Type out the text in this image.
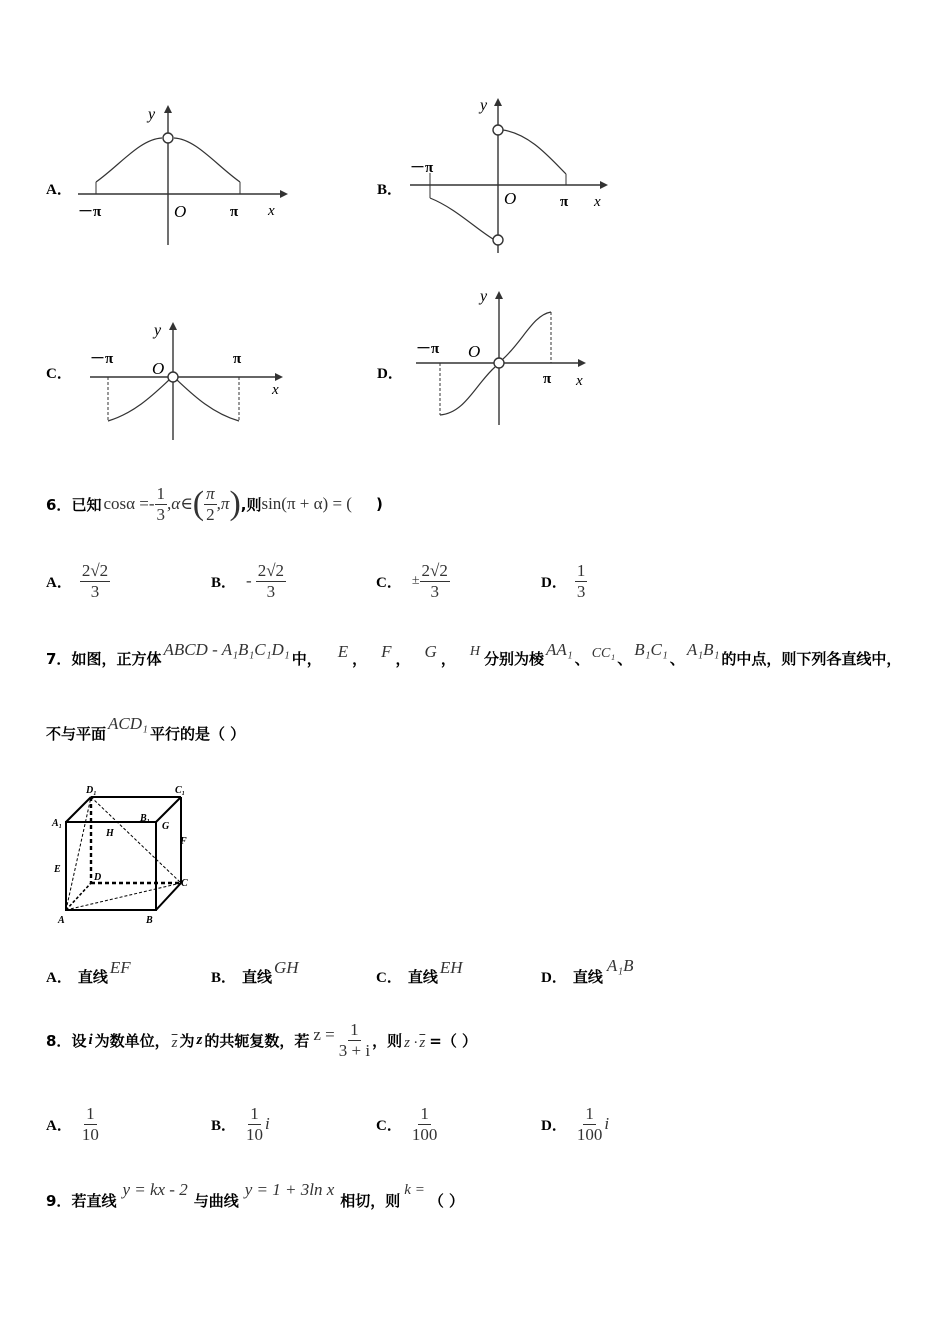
A．
y
x
O
－π	π
B．
y
x
O
－π
π
C．
y
x
O
－π	π
D．
y
x
O
－π
π
6． 已知 $\cos\alpha =- \frac{1}{3}$ ,α∈ ( $\frac{\pi}{2} ,\pi$ ) ,则 sin(π + α) = ( )
A． $\frac{2√2}{3}$	B． - $\frac{2√2}{3}$	C． ± $\frac{2√2}{3}$	D． $\frac{1}{3}$
7． 如图，正方体 ABCD - A₁B₁C₁D₁ 中， E ， F ， G ， H 分别为棱 AA₁ 、 CC₁ 、 B₁C₁ 、 A₁B₁ 的中点，则下列各直线中，
不与平面
ACD₁
平行的是（ ）
D₁	C₁
A₁	B₁
G
H
F
E
D
C
A	B
A． 直线 EF
B． 直线 GH
C． 直线 EH
D． 直线
A₁B
8． 设 i 为数单位， $\overline{z}$ 为 z 的共轭复数，若 $z = \frac{1}{3 + i}$ ，则 $z \cdot \overline{z}$ =（ ）
A． $\frac{1}{10}$	B． $\frac{1}{10}$ i	C． $\frac{1}{100}$	D． $\frac{1}{100}$ i
9． 若直线
y = kx - 2
与曲线
y = 1 + 3ln x
相切，则
k =
（ ）
